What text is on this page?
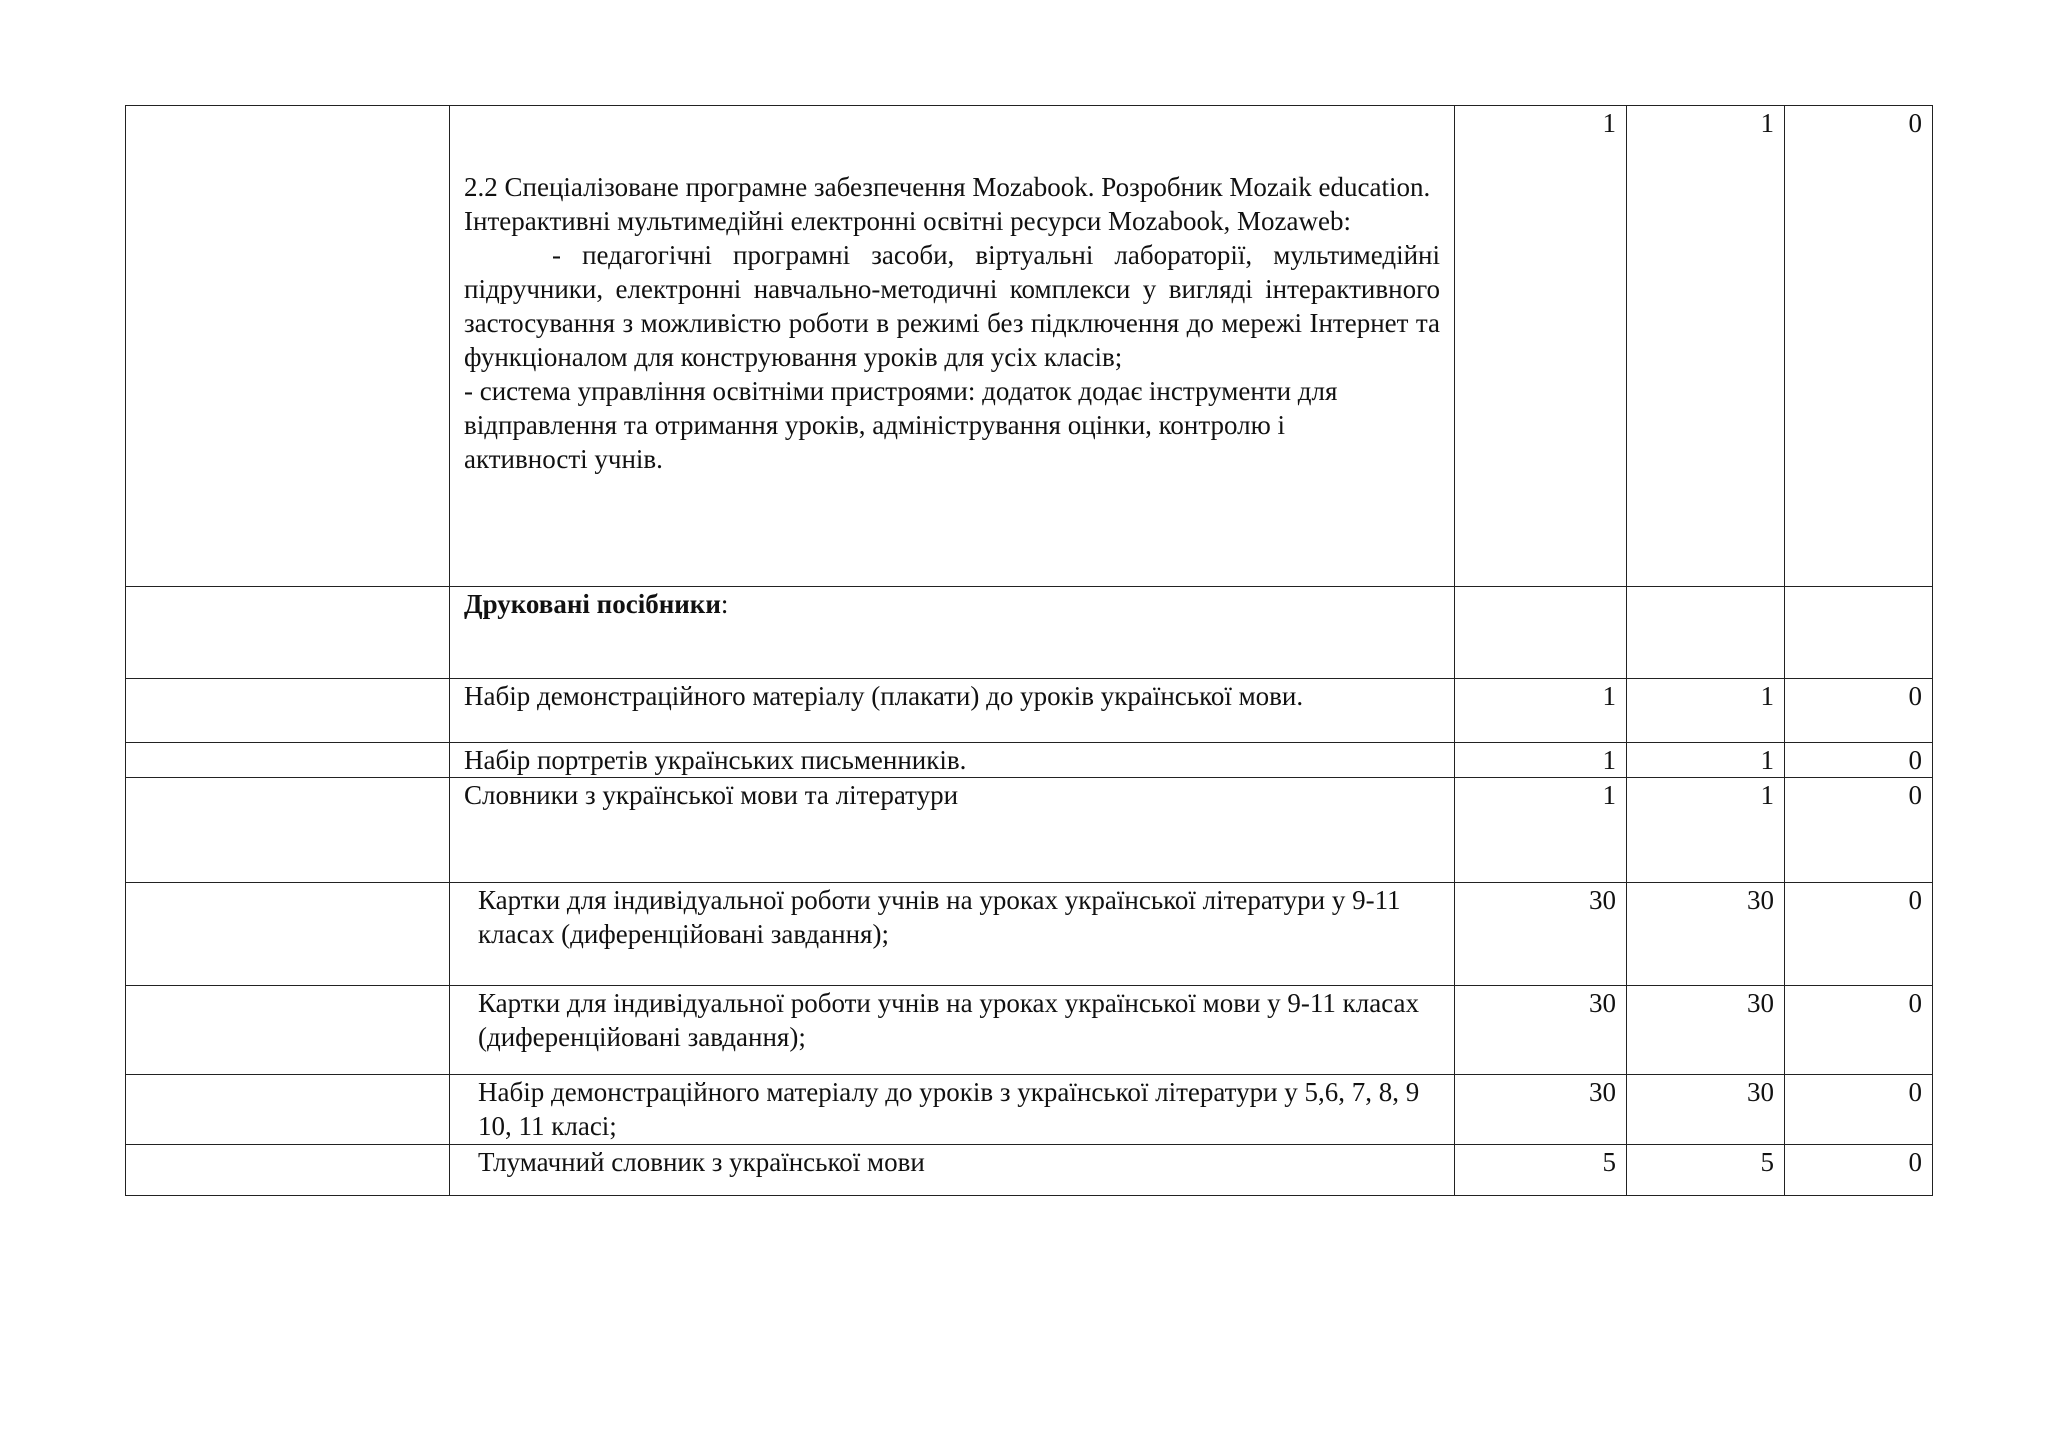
	2.2 Спеціалізоване програмне забезпечення Mozabook. Розробник Mozaik education.
Інтерактивні мультимедійні електронні освітні ресурси Mozabook, Mozaweb:
- педагогічні програмні засоби, віртуальні лабораторії, мультимедійні підручники, електронні навчально-методичні комплекси у вигляді інтерактивного застосування з можливістю роботи в режимі без підключення до мережі Інтернет та функціоналом для конструювання уроків для усіх класів;
- система управління освітніми пристроями: додаток додає інструменти для відправлення та отримання уроків, адміністрування оцінки, контролю і активності учнів.	1	1	0
	Друковані посібники:			
	Набір демонстраційного матеріалу (плакати) до уроків української мови.	1	1	0
	Набір портретів українських письменників.	1	1	0
	Словники з української мови та літератури	1	1	0
	Картки для індивідуальної роботи учнів на уроках української літератури у 9-11 класах (диференційовані завдання);	30	30	0
	Картки для індивідуальної роботи учнів на уроках української мови у 9-11 класах (диференційовані завдання);	30	30	0
	Набір демонстраційного матеріалу до уроків з української літератури у 5,6, 7, 8, 9 10, 11 класі;	30	30	0
	Тлумачний словник з української мови	5	5	0
